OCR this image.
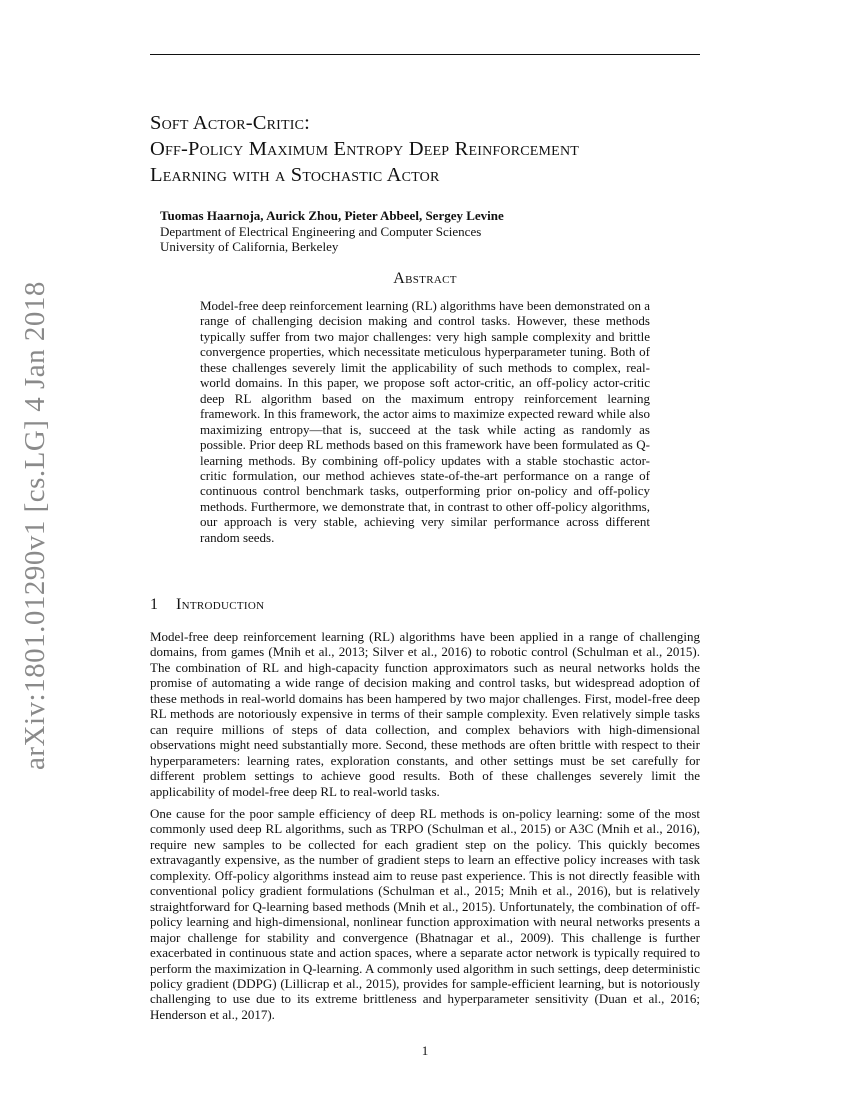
arXiv:1801.01290v1 [cs.LG] 4 Jan 2018
Soft Actor-Critic:
Off-Policy Maximum Entropy Deep Reinforcement
Learning with a Stochastic Actor
Tuomas Haarnoja, Aurick Zhou, Pieter Abbeel, Sergey Levine
Department of Electrical Engineering and Computer Sciences
University of California, Berkeley
Abstract
Model-free deep reinforcement learning (RL) algorithms have been demonstrated on a range of challenging decision making and control tasks. However, these methods typically suffer from two major challenges: very high sample complexity and brittle convergence properties, which necessitate meticulous hyperparameter tuning. Both of these challenges severely limit the applicability of such methods to complex, real-world domains. In this paper, we propose soft actor-critic, an off-policy actor-critic deep RL algorithm based on the maximum entropy reinforcement learning framework. In this framework, the actor aims to maximize expected reward while also maximizing entropy—that is, succeed at the task while acting as randomly as possible. Prior deep RL methods based on this framework have been formulated as Q-learning methods. By combining off-policy updates with a stable stochastic actor-critic formulation, our method achieves state-of-the-art performance on a range of continuous control benchmark tasks, outperforming prior on-policy and off-policy methods. Furthermore, we demonstrate that, in contrast to other off-policy algorithms, our approach is very stable, achieving very similar performance across different random seeds.
1 Introduction
Model-free deep reinforcement learning (RL) algorithms have been applied in a range of challenging domains, from games (Mnih et al., 2013; Silver et al., 2016) to robotic control (Schulman et al., 2015). The combination of RL and high-capacity function approximators such as neural networks holds the promise of automating a wide range of decision making and control tasks, but widespread adoption of these methods in real-world domains has been hampered by two major challenges. First, model-free deep RL methods are notoriously expensive in terms of their sample complexity. Even relatively simple tasks can require millions of steps of data collection, and complex behaviors with high-dimensional observations might need substantially more. Second, these methods are often brittle with respect to their hyperparameters: learning rates, exploration constants, and other settings must be set carefully for different problem settings to achieve good results. Both of these challenges severely limit the applicability of model-free deep RL to real-world tasks.
One cause for the poor sample efficiency of deep RL methods is on-policy learning: some of the most commonly used deep RL algorithms, such as TRPO (Schulman et al., 2015) or A3C (Mnih et al., 2016), require new samples to be collected for each gradient step on the policy. This quickly becomes extravagantly expensive, as the number of gradient steps to learn an effective policy increases with task complexity. Off-policy algorithms instead aim to reuse past experience. This is not directly feasible with conventional policy gradient formulations (Schulman et al., 2015; Mnih et al., 2016), but is relatively straightforward for Q-learning based methods (Mnih et al., 2015). Unfortunately, the combination of off-policy learning and high-dimensional, nonlinear function approximation with neural networks presents a major challenge for stability and convergence (Bhatnagar et al., 2009). This challenge is further exacerbated in continuous state and action spaces, where a separate actor network is typically required to perform the maximization in Q-learning. A commonly used algorithm in such settings, deep deterministic policy gradient (DDPG) (Lillicrap et al., 2015), provides for sample-efficient learning, but is notoriously challenging to use due to its extreme brittleness and hyperparameter sensitivity (Duan et al., 2016; Henderson et al., 2017).
1
